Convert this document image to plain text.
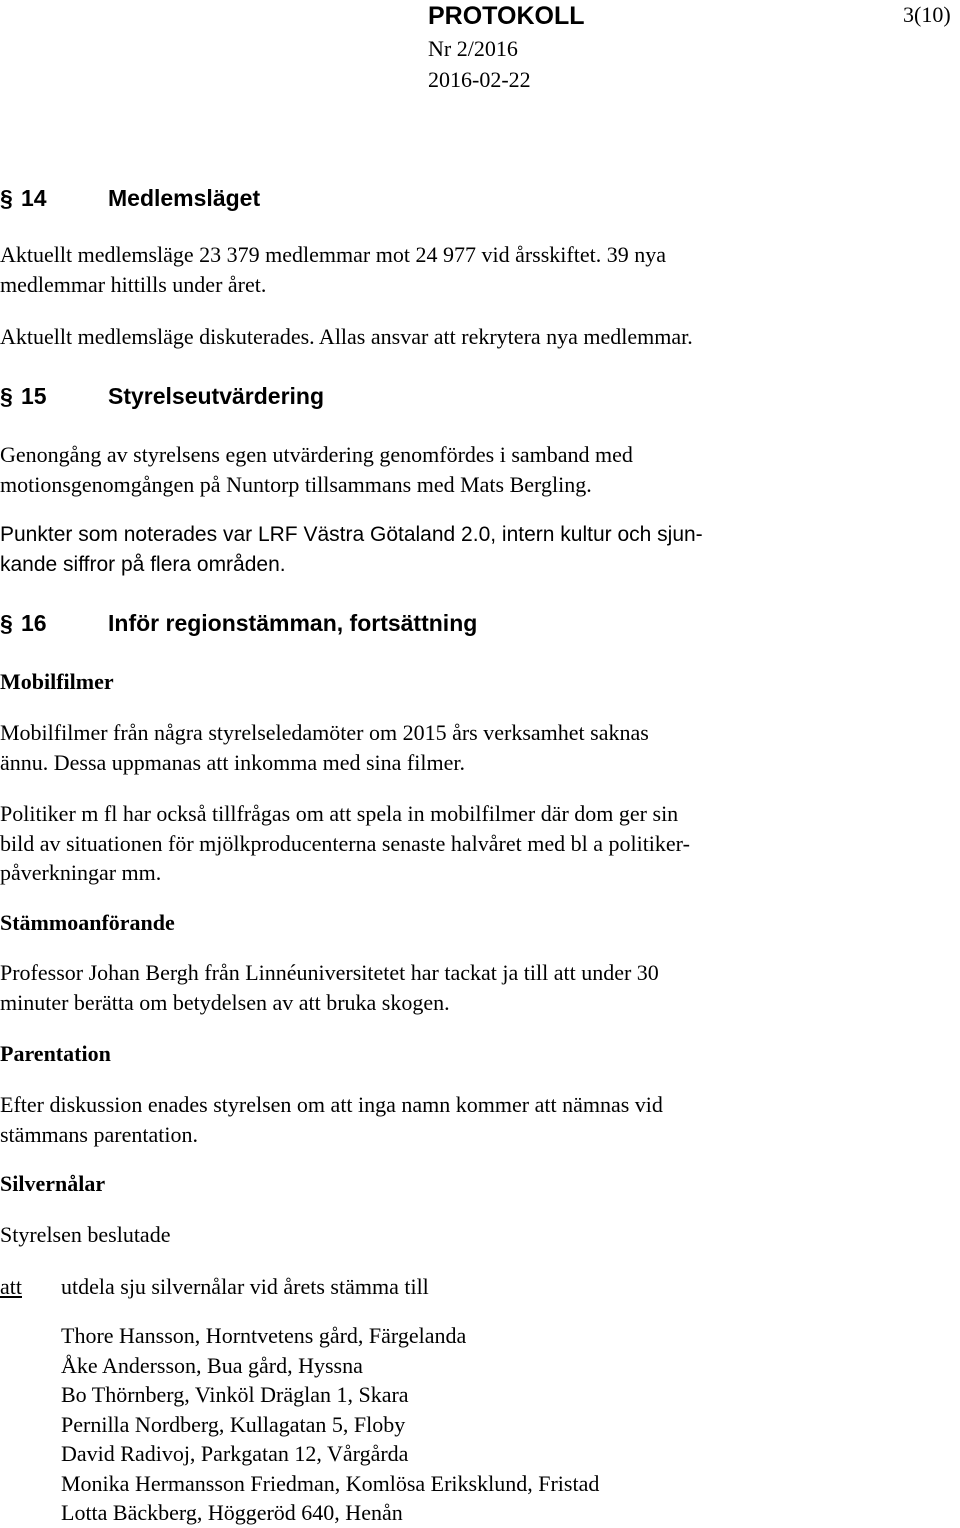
PROTOKOLL	3(10)
Nr 2/2016
2016-02-22
§ 14	Medlemsläget
Aktuellt medlemsläge 23 379 medlemmar mot 24 977 vid årsskiftet. 39 nya
medlemmar hittills under året.
Aktuellt medlemsläge diskuterades. Allas ansvar att rekrytera nya medlemmar.
§ 15	Styrelseutvärdering
Genongång av styrelsens egen utvärdering genomfördes i samband med
motionsgenomgången på Nuntorp tillsammans med Mats Bergling.
Punkter som noterades var LRF Västra Götaland 2.0, intern kultur och sjun-
kande siffror på flera områden.
§ 16	Inför regionstämman, fortsättning
Mobilfilmer
Mobilfilmer från några styrelseledamöter om 2015 års verksamhet saknas
ännu. Dessa uppmanas att inkomma med sina filmer.
Politiker m fl har också tillfrågas om att spela in mobilfilmer där dom ger sin
bild av situationen för mjölkproducenterna senaste halvåret med bl a politiker-
påverkningar mm.
Stämmoanförande
Professor Johan Bergh från Linnéuniversitetet har tackat ja till att under 30
minuter berätta om betydelsen av att bruka skogen.
Parentation
Efter diskussion enades styrelsen om att inga namn kommer att nämnas vid
stämmans parentation.
Silvernålar
Styrelsen beslutade
att utdela sju silvernålar vid årets stämma till
Thore Hansson, Horntvetens gård, Färgelanda
Åke Andersson, Bua gård, Hyssna
Bo Thörnberg, Vinköl Dräglan 1, Skara
Pernilla Nordberg, Kullagatan 5, Floby
David Radivoj, Parkgatan 12, Vårgårda
Monika Hermansson Friedman, Komlösa Eriksklund, Fristad
Lotta Bäckberg, Höggeröd 640, Henån
